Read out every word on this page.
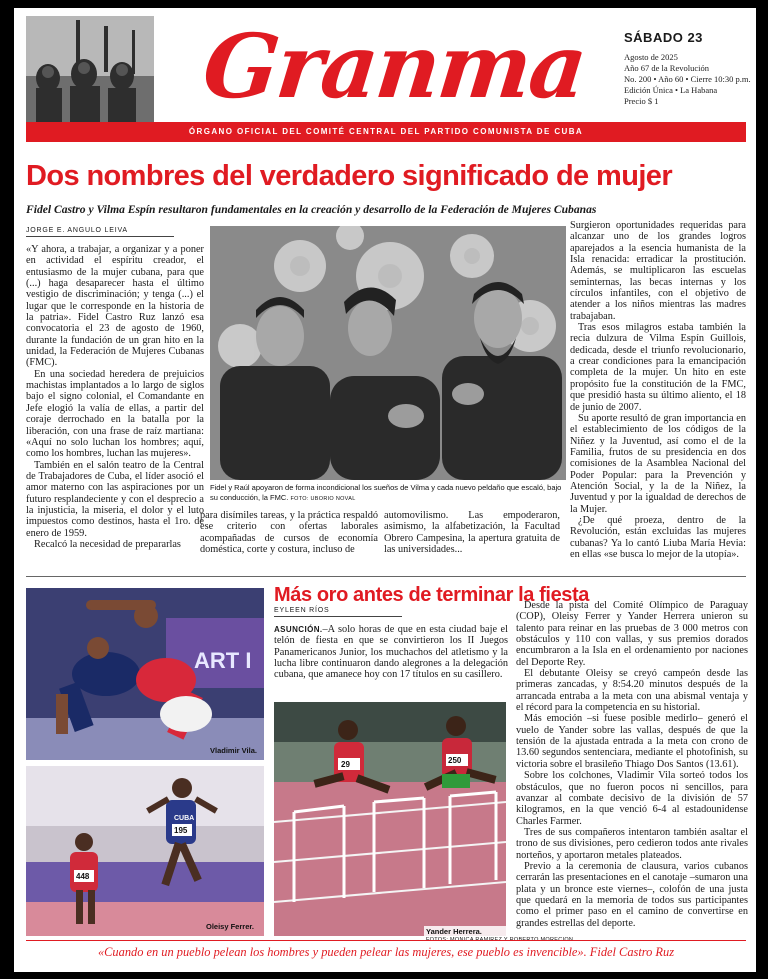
Granma	SÁBADO 23
Agosto de 2025
Año 67 de la Revolución
No. 200 • Año 60 • Cierre 10:30 p.m.
Edición Única • La Habana
Precio $ 1
ÓRGANO OFICIAL DEL COMITÉ CENTRAL DEL PARTIDO COMUNISTA DE CUBA
Dos nombres del verdadero significado de mujer
Fidel Castro y Vilma Espín resultaron fundamentales en la creación y desarrollo de la Federación de Mujeres Cubanas
JORGE E. ANGULO LEIVA

«Y ahora, a trabajar, a organizar y a poner en actividad el espíritu creador, el entusiasmo de la mujer cubana, para que (...) haga desaparecer hasta el último vestigio de discriminación; y tenga (...) el lugar que le corresponde en la historia de la patria». Fidel Castro Ruz lanzó esa convocatoria el 23 de agosto de 1960, durante la fundación de un gran hito en la unidad, la Federación de Mujeres Cubanas (FMC).

En una sociedad heredera de prejuicios machistas implantados a lo largo de siglos bajo el signo colonial, el Comandante en Jefe elogió la valía de ellas, a partir del coraje derrochado en la batalla por la liberación, con una frase de raíz martiana: «Aquí no solo luchan los hombres; aquí, como los hombres, luchan las mujeres».

También en el salón teatro de la Central de Trabajadores de Cuba, el líder asoció el amor materno con las aspiraciones por un futuro resplandeciente y con el desprecio a la injusticia, la miseria, el dolor y el luto impuestos como destinos, hasta el 1ro. de enero de 1959.

Recalcó la necesidad de prepararlas

Fidel y Raúl apoyaron de forma incondicional los sueños de Vilma y cada nuevo peldaño que escaló, bajo su conducción, la FMC. FOTO: UBORIO NOVAL

para disímiles tareas, y la práctica respaldó ese criterio con ofertas laborales acompañadas de cursos de economía doméstica, corte y costura, incluso de

automovilismo. Las empoderaron, asimismo, la alfabetización, la Facultad Obrero Campesina, la apertura gratuita de las universidades...

Surgieron oportunidades requeridas para alcanzar uno de los grandes logros aparejados a la esencia humanista de la Isla renacida: erradicar la prostitución. Además, se multiplicaron las escuelas seminternas, las becas internas y los círculos infantiles, con el objetivo de atender a los niños mientras las madres trabajaban.

Tras esos milagros estaba también la recia dulzura de Vilma Espín Guillois, dedicada, desde el triunfo revolucionario, a crear condiciones para la emancipación completa de la mujer. Un hito en este propósito fue la constitución de la FMC, que presidió hasta su último aliento, el 18 de junio de 2007.

Su aporte resultó de gran importancia en el establecimiento de los códigos de la Niñez y la Juventud, así como el de la Familia, frutos de su presidencia en dos comisiones de la Asamblea Nacional del Poder Popular: para la Prevención y Atención Social, y la de la Niñez, la Juventud y por la igualdad de derechos de la Mujer.

¿De qué proeza, dentro de la Revolución, están excluidas las mujeres cubanas? Ya lo cantó Liuba María Hevia: en ellas «se busca lo mejor de la utopía».

ART I
Vladimir Vila.
CUBA
195
448
Oleisy Ferrer.
29	250
Yander Herrera.
Más oro antes de terminar la fiesta
EYLEEN RÍOS

ASUNCIÓN.–A solo horas de que en esta ciudad baje el telón de fiesta en que se convirtieron los II Juegos Panamericanos Junior, los muchachos del atletismo y la lucha libre continuaron dando alegrones a la delegación cubana, que amanece hoy con 17 títulos en su casillero.

Desde la pista del Comité Olímpico de Paraguay (COP), Oleisy Ferrer y Yander Herrera unieron su talento para reinar en las pruebas de 3 000 metros con obstáculos y 110 con vallas, y sus premios dorados encumbraron a la Isla en el ordenamiento por naciones del Deporte Rey.

El debutante Oleisy se creyó campeón desde las primeras zancadas, y 8:54.20 minutos después de la arrancada entraba a la meta con una abismal ventaja y el récord para la competencia en su historial.

Más emoción –si fuese posible medirlo– generó el vuelo de Yander sobre las vallas, después de que la tensión de la ajustada entrada a la meta con crono de 13.60 segundos sentenciara, mediante el photofinish, su victoria sobre el brasileño Thiago Dos Santos (13.61).

Sobre los colchones, Vladimir Vila sorteó todos los obstáculos, que no fueron pocos ni sencillos, para avanzar al combate decisivo de la división de 57 kilogramos, en la que venció 6-4 al estadounidense Charles Farmer.

Tres de sus compañeros intentaron también asaltar el trono de sus divisiones, pero cedieron todos ante rivales norteños, y aportaron metales plateados.

Previo a la ceremonia de clausura, varios cubanos cerrarán las presentaciones en el canotaje –sumaron una plata y un bronce este viernes–, colofón de una justa que quedará en la memoria de todos sus participantes como el primer paso en el camino de convertirse en grandes estrellas del deporte.

«Cuando en un pueblo pelean los hombres y pueden pelear las mujeres, ese pueblo es invencible». Fidel Castro Ruz
